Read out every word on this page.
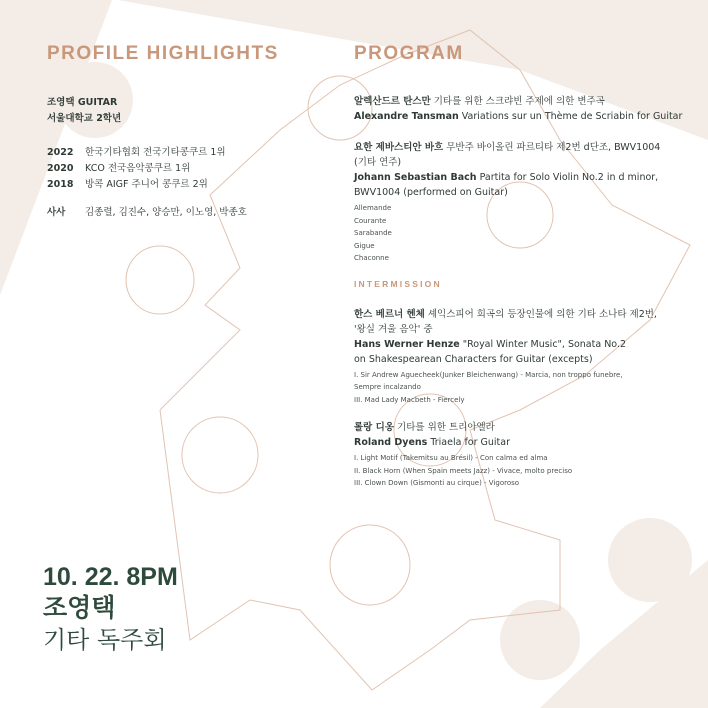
PROFILE HIGHLIGHTS
조영택 GUITAR
서울대학교 2학년
2022	한국기타협회 전국기타콩쿠르 1위
2020	KCO 전국음악콩쿠르 1위
2018	방콕 AIGF 주니어 콩쿠르 2위
사사	김종렬, 김진수, 양승만, 이노영, 박종호
PROGRAM
알렉산드르 탄스만 기타를 위한 스크랴빈 주제에 의한 변주곡
Alexandre Tansman Variations sur un Thème de Scriabin for Guitar
요한 제바스티안 바흐 무반주 바이올린 파르티타 제2번 d단조, BWV1004
(기타 연주)
Johann Sebastian Bach Partita for Solo Violin No.2 in d minor,
BWV1004 (performed on Guitar)
Allemande
Courante
Sarabande
Gigue
Chaconne
INTERMISSION
한스 베르너 헨체 셰익스피어 희곡의 등장인물에 의한 기타 소나타 제2번,
'왕실 겨울 음악' 중
Hans Werner Henze "Royal Winter Music", Sonata No.2
on Shakespearean Characters for Guitar (excepts)
I. Sir Andrew Aguecheek(Junker Bleichenwang) - Marcia, non troppo funebre,
Sempre incalzando
III. Mad Lady Macbeth - Fiercely
롤랑 디옹 기타를 위한 트리아엘라
Roland Dyens Triaela for Guitar
I. Light Motif (Takemitsu au Brésil) - Con calma ed alma
II. Black Horn (When Spain meets Jazz) - Vivace, molto preciso
III. Clown Down (Gismonti au cirque) - Vigoroso
10. 22. 8PM
조영택
기타 독주회
